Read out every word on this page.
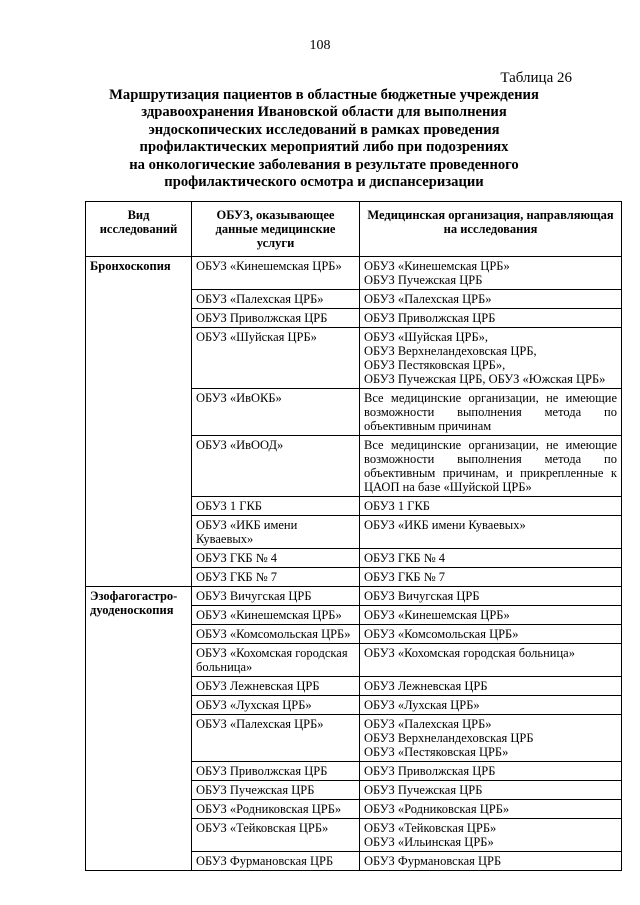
108
Таблица 26
Маршрутизация пациентов в областные бюджетные учреждения
здравоохранения Ивановской области для выполнения
эндоскопических исследований в рамках проведения
профилактических мероприятий либо при подозрениях
на онкологические заболевания в результате проведенного
профилактического осмотра и диспансеризации
Вид исследований	ОБУЗ, оказывающее данные медицинские услуги	Медицинская организация, направляющая на исследования
Бронхоскопия	ОБУЗ «Кинешемская ЦРБ»	ОБУЗ «Кинешемская ЦРБ»
ОБУЗ Пучежская ЦРБ

	ОБУЗ «Палехская ЦРБ»	ОБУЗ «Палехская ЦРБ»

	ОБУЗ Приволжская ЦРБ	ОБУЗ Приволжская ЦРБ

	ОБУЗ «Шуйская ЦРБ»	ОБУЗ «Шуйская ЦРБ»,
ОБУЗ Верхнеландеховская ЦРБ,
ОБУЗ Пестяковская ЦРБ»,
ОБУЗ Пучежская ЦРБ, ОБУЗ «Южская ЦРБ»

	ОБУЗ «ИвОКБ»	Все медицинские организации, не имеющие возможности выполнения метода по объективным причинам

	ОБУЗ «ИвООД»	Все медицинские организации, не имеющие возможности выполнения метода по объективным причинам, и прикрепленные к ЦАОП на базе «Шуйской ЦРБ»

	ОБУЗ 1 ГКБ	ОБУЗ 1 ГКБ

	ОБУЗ «ИКБ имени Куваевых»	ОБУЗ «ИКБ имени Куваевых»

	ОБУЗ ГКБ № 4	ОБУЗ ГКБ № 4

	ОБУЗ ГКБ № 7	ОБУЗ ГКБ № 7

Эзофагогастро-дуоденоскопия	ОБУЗ Вичугская ЦРБ	ОБУЗ Вичугская ЦРБ

	ОБУЗ «Кинешемская ЦРБ»	ОБУЗ «Кинешемская ЦРБ»

	ОБУЗ «Комсомольская ЦРБ»	ОБУЗ «Комсомольская ЦРБ»

	ОБУЗ «Кохомская городская больница»	ОБУЗ «Кохомская городская больница»

	ОБУЗ Лежневская ЦРБ	ОБУЗ Лежневская ЦРБ

	ОБУЗ «Лухская ЦРБ»	ОБУЗ «Лухская ЦРБ»

	ОБУЗ «Палехская ЦРБ»	ОБУЗ «Палехская ЦРБ»
ОБУЗ Верхнеландеховская ЦРБ
ОБУЗ «Пестяковская ЦРБ»

	ОБУЗ Приволжская ЦРБ	ОБУЗ Приволжская ЦРБ

	ОБУЗ Пучежская ЦРБ	ОБУЗ Пучежская ЦРБ

	ОБУЗ «Родниковская ЦРБ»	ОБУЗ «Родниковская ЦРБ»

	ОБУЗ «Тейковская ЦРБ»	ОБУЗ «Тейковская ЦРБ»
ОБУЗ «Ильинская ЦРБ»

	ОБУЗ Фурмановская ЦРБ	ОБУЗ Фурмановская ЦРБ
